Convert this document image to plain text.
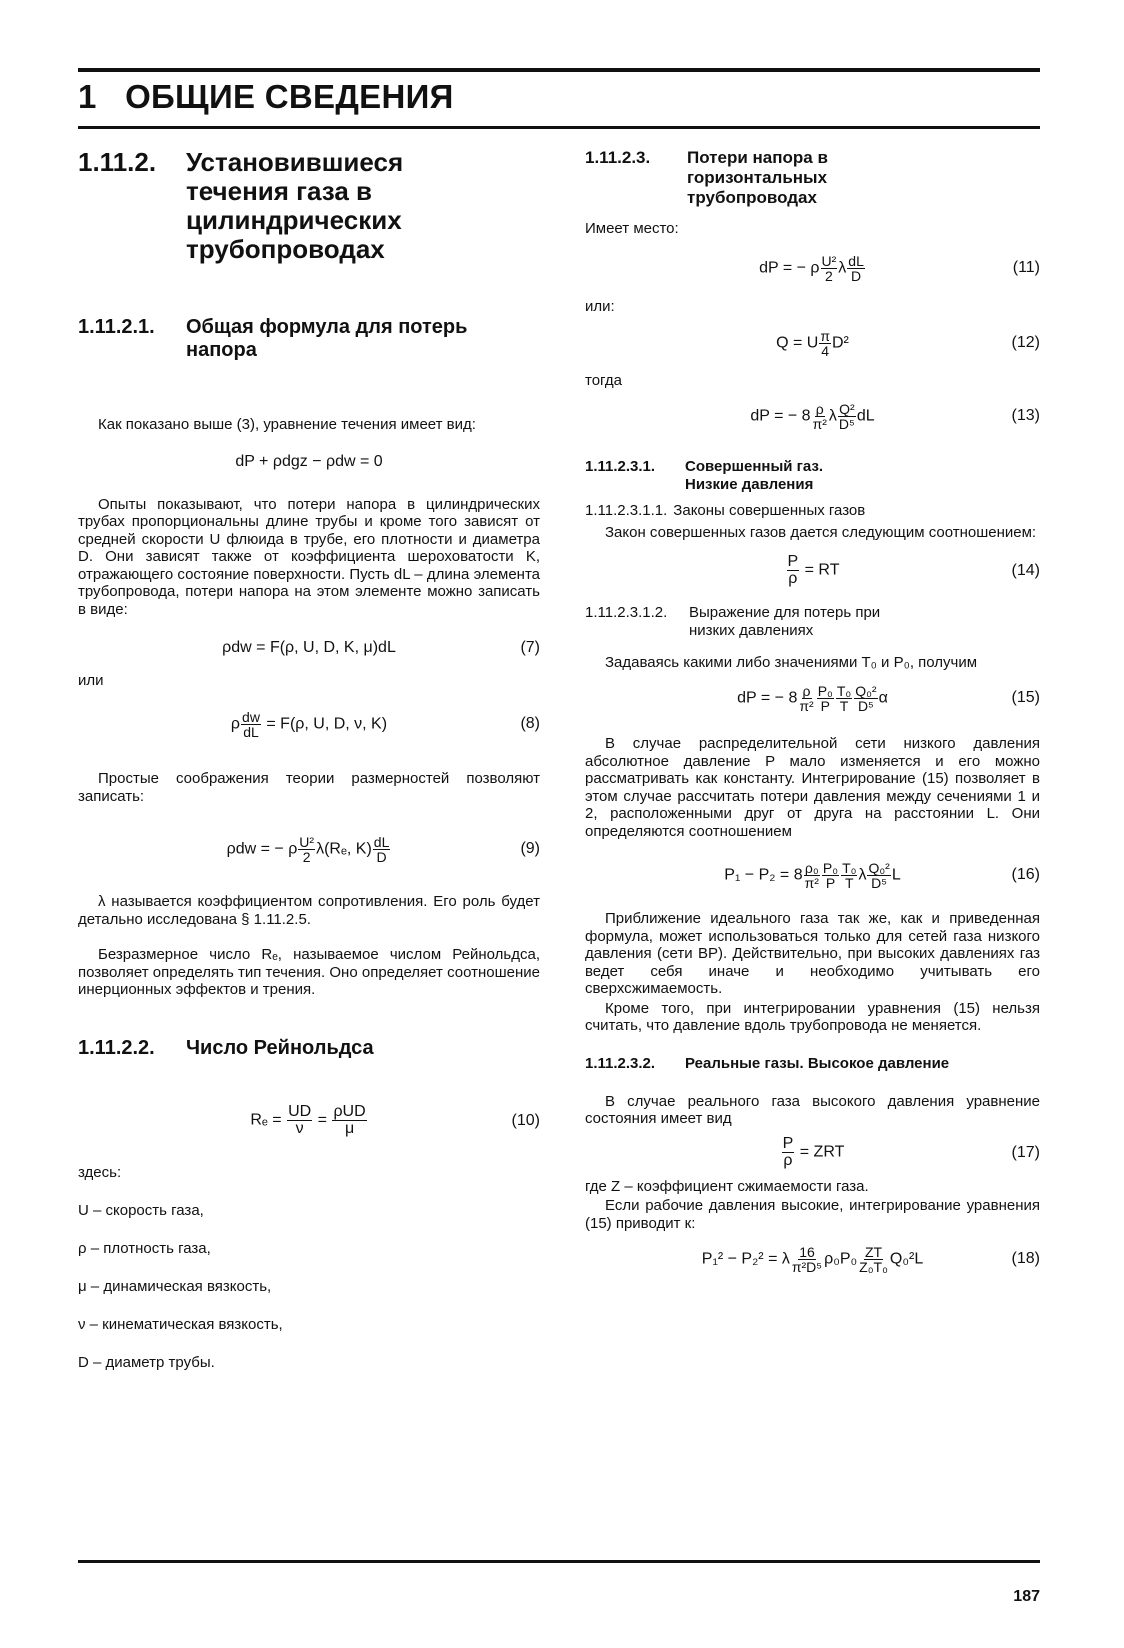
1 ОБЩИЕ СВЕДЕНИЯ
1.11.2.	Установившиеся течения газа в цилиндрических трубопроводах
1.11.2.1.	Общая формула для потерь напора

Как показано выше (3), уравнение течения имеет вид:

dP + ρdgz − ρdw = 0

Опыты показывают, что потери напора в цилиндрических трубах пропорциональны длине трубы и кроме того зависят от средней скорости U флюида в трубе, его плотности и диаметра D. Они зависят также от коэффициента шероховатости K, отражающего состояние поверхности. Пусть dL – длина элемента трубопровода, потери напора на этом элементе можно записать в виде:

ρdw = F(ρ, U, D, K, μ)dL	(7)
или
ρ $\frac{dw}{dL} = F(\rho$, U, D, ν, K)	(8)

Простые соображения теории размерностей позволяют записать:

ρdw = − ρ $\frac{\text{U²}}{2} \lambda(R_e$, $K) \frac{dL}{D}$	(9)

λ называется коэффициентом сопротивления. Его роль будет детально исследована § 1.11.2.5.

Безразмерное число Rₑ, называемое числом Рейнольдса, позволяет определять тип течения. Оно определяет соотношение инерционных эффектов и трения.

1.11.2.2.	Число Рейнольдса
$R_e = \frac{UD}{\nu} = \frac{\text{ρUD}}{\mu}$	(10)
здесь:
U – скорость газа,
ρ – плотность газа,
μ – динамическая вязкость,
ν – кинематическая вязкость,
D – диаметр трубы.
1.11.2.3.	Потери напора в горизонтальных трубопроводах
Имеет место:
dP = − ρ $\frac{\text{U²}}{2}$ λ $\frac{dL}{D}$	(11)
или:
Q = U $\frac{\pi}{4} D^2$	(12)
тогда
dP = − $8 \frac{\rho}{\text{π²}}$ λ $\frac{\text{Q²}}{\text{D⁵}}$ dL	(13)
1.11.2.3.1.	Совершенный газ. Низкие давления
1.11.2.3.1.1. Законы совершенных газов

Закон совершенных газов дается следующим соотношением:

$\frac{P}{\rho}$ = RT	(14)
1.11.2.3.1.2.	Выражение для потерь при низких давлениях

Задаваясь какими либо значениями T₀ и P₀, получим

dP = − $8 \frac{\rho}{\text{π²}} \frac{\text{P₀}}{P} \frac{\text{T₀}}{T} \frac{\text{Q₀²}}{\text{D⁵}}$ α	(15)

В случае распределительной сети низкого давления абсолютное давление P мало изменяется и его можно рассматривать как константу. Интегрирование (15) позволяет в этом случае рассчитать потери давления между сечениями 1 и 2, расположенными друг от друга на расстоянии L. Они определяются соотношением

$P_1 - P_2 = 8 \frac{\text{ρ₀}}{\text{π²}} \frac{\text{P₀}}{P} \frac{\text{T₀}}{T}$ λ $\frac{\text{Q₀²}}{\text{D⁵}}$ L	(16)

Приближение идеального газа так же, как и приведенная формула, может использоваться только для сетей газа низкого давления (сети ВР). Действительно, при высоких давлениях газ ведет себя иначе и необходимо учитывать его сверхсжимаемость.

Кроме того, при интегрировании уравнения (15) нельзя считать, что давление вдоль трубопровода не меняется.

1.11.2.3.2.	Реальные газы. Высокое давление

В случае реального газа высокого давления уравнение состояния имеет вид

$\frac{P}{\rho}$ = ZRT	(17)

где Z – коэффициент сжимаемости газа.

Если рабочие давления высокие, интегрирование уравнения (15) приводит к:

P₁² − P₂² = λ $\frac{16}{\text{π²D⁵}} \rho_0P_0 \frac{ZT}{\text{Z₀T₀}} Q_0^2L$	(18)
187
